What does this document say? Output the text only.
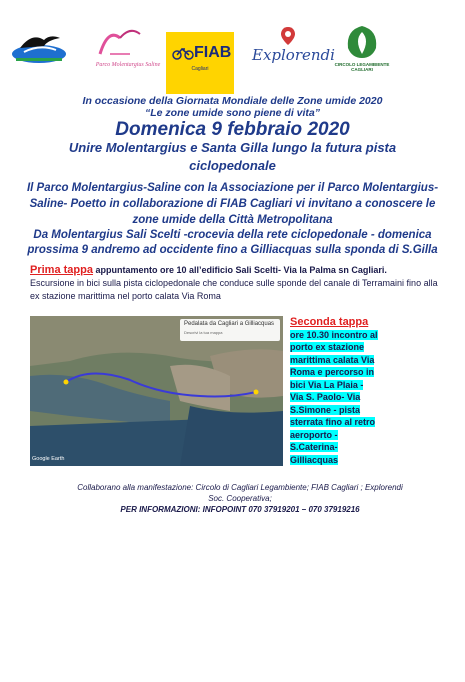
Parco Molentargius Saline
FIAB
Cagliari
Explorendi
CIRCOLO LEGAMBIENTE CAGLIARI
In occasione della Giornata Mondiale delle Zone umide 2020
“Le zone umide sono piene di vita”
Domenica 9 febbraio 2020
Unire Molentargius e Santa Gilla lungo la futura pista
ciclopedonale
Il Parco Molentargius-Saline con la Associazione per il Parco Molentargius- Saline- Poetto in collaborazione di FIAB Cagliari vi invitano a conoscere le zone umide della Città Metropolitana
Da Molentargius Sali Scelti -crocevia della rete ciclopedonale - domenica prossima 9 andremo ad occidente fino a Gilliacquas sulla sponda di S.Gilla
Prima tappa appuntamento ore 10 all’edificio Sali Scelti- Via la Palma sn Cagliari.
Escursione in bici sulla pista ciclopedonale che conduce sulle sponde del canale di Terramaini fino alla ex stazione marittima nel porto calata Via Roma
Pedalata da Cagliari a Gilliacquas
Descrivi la tua mappa
Google Earth
Seconda tappa
ore 10.30 incontro al
porto ex stazione
marittima calata Via
Roma e percorso in
bici Via La Plaia -
Via S. Paolo- Via
S.Simone - pista
sterrata fino al retro
aeroporto -
S.Caterina-
Gilliacquas
Collaborano alla manifestazione: Circolo di Cagliari Legambiente; FIAB Cagliari ; Explorendi Soc. Cooperativa;
PER INFORMAZIONI: INFOPOINT 070 37919201 – 070 37919216
